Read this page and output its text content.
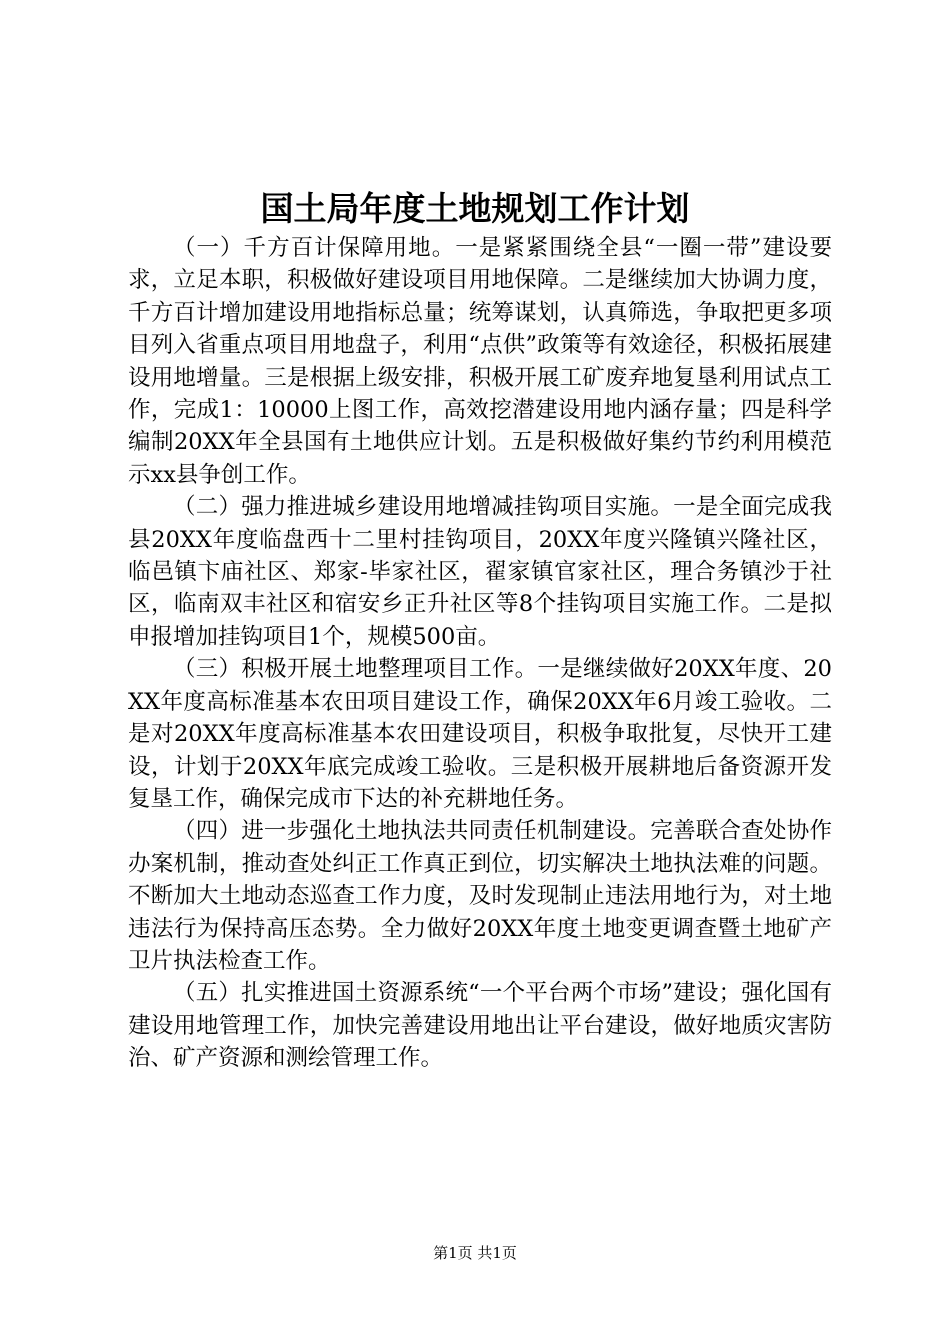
国土局年度土地规划工作计划

（一）千方百计保障用地。一是紧紧围绕全县“一圈一带”建设要求，立足本职，积极做好建设项目用地保障。二是继续加大协调力度，千方百计增加建设用地指标总量；统筹谋划，认真筛选，争取把更多项目列入省重点项目用地盘子，利用“点供”政策等有效途径，积极拓展建设用地增量。三是根据上级安排，积极开展工矿废弃地复垦利用试点工作，完成1：10000上图工作，高效挖潜建设用地内涵存量；四是科学编制20XX年全县国有土地供应计划。五是积极做好集约节约利用模范示xx县争创工作。

（二）强力推进城乡建设用地增减挂钩项目实施。一是全面完成我县20XX年度临盘西十二里村挂钩项目，20XX年度兴隆镇兴隆社区，临邑镇卞庙社区、郑家-毕家社区，翟家镇官家社区，理合务镇沙于社区，临南双丰社区和宿安乡正升社区等8个挂钩项目实施工作。二是拟申报增加挂钩项目1个，规模500亩。

（三）积极开展土地整理项目工作。一是继续做好20XX年度、20XX年度高标准基本农田项目建设工作，确保20XX年6月竣工验收。二是对20XX年度高标准基本农田建设项目，积极争取批复，尽快开工建设，计划于20XX年底完成竣工验收。三是积极开展耕地后备资源开发复垦工作，确保完成市下达的补充耕地任务。

（四）进一步强化土地执法共同责任机制建设。完善联合查处协作办案机制，推动查处纠正工作真正到位，切实解决土地执法难的问题。不断加大土地动态巡查工作力度，及时发现制止违法用地行为，对土地违法行为保持高压态势。全力做好20XX年度土地变更调查暨土地矿产卫片执法检查工作。

（五）扎实推进国土资源系统“一个平台两个市场”建设；强化国有建设用地管理工作，加快完善建设用地出让平台建设，做好地质灾害防治、矿产资源和测绘管理工作。

第1页 共1页
